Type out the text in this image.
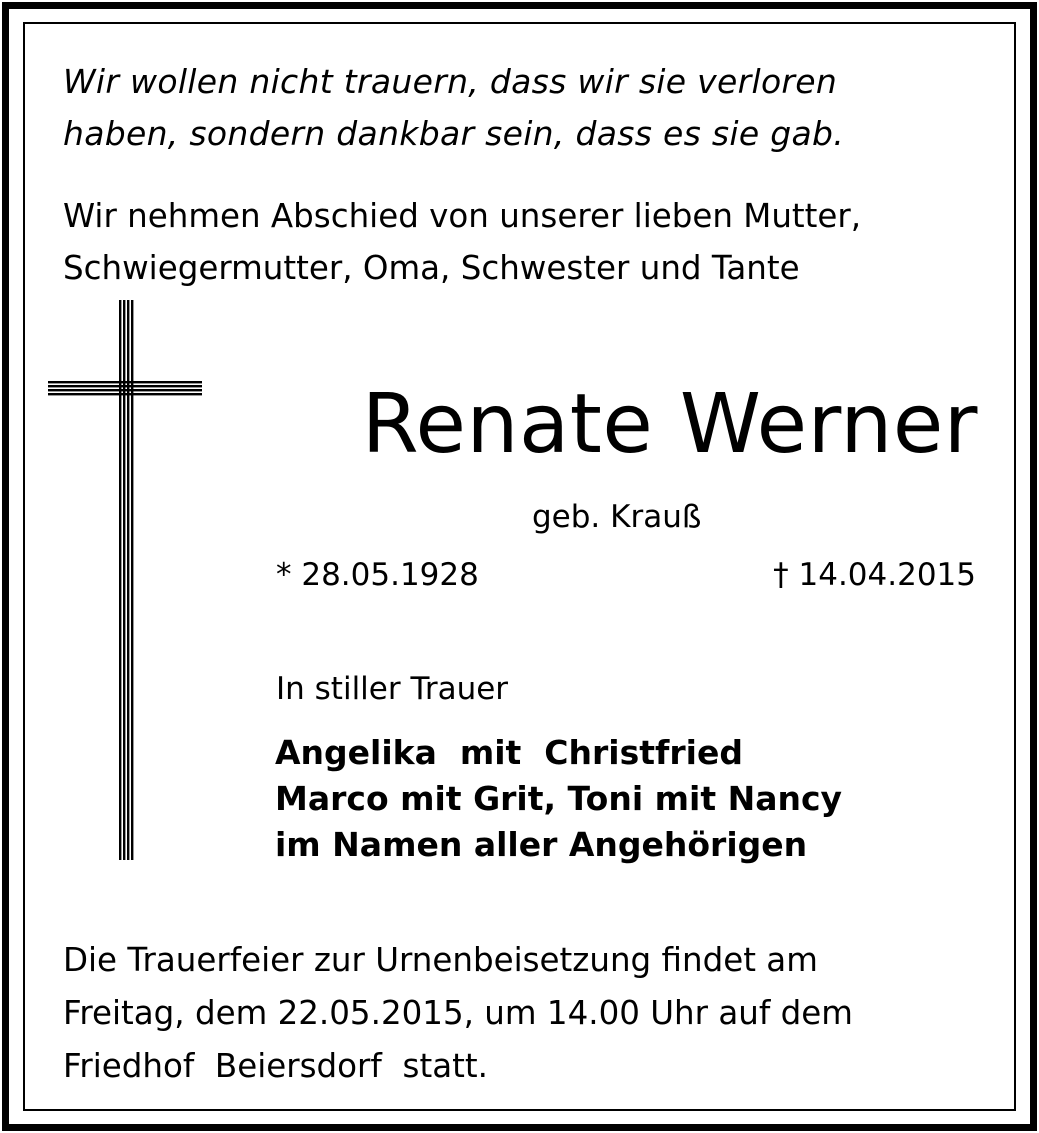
Wir wollen nicht trauern, dass wir sie verloren
haben, sondern dankbar sein, dass es sie gab.
Wir nehmen Abschied von unserer lieben Mutter,
Schwiegermutter, Oma, Schwester und Tante
Renate Werner
geb. Krauß
* 28.05.1928	† 14.04.2015
In stiller Trauer
Angelika  mit  Christfried
Marco mit Grit, Toni mit Nancy
im Namen aller Angehörigen
Die Trauerfeier zur Urnenbeisetzung findet am
Freitag, dem 22.05.2015, um 14.00 Uhr auf dem
Friedhof  Beiersdorf  statt.
